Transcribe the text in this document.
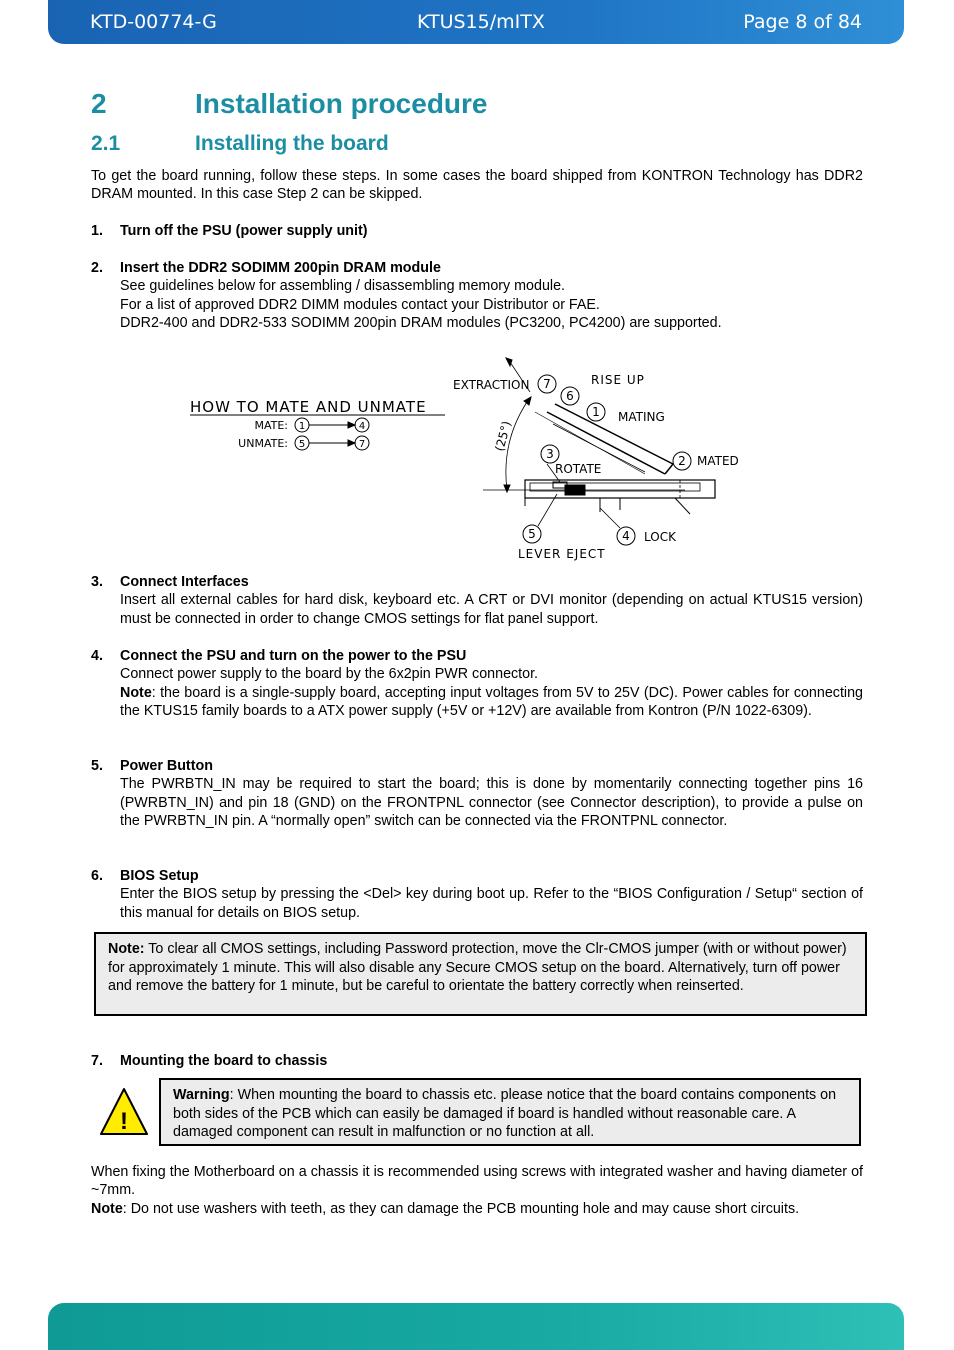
KTD-00774-G	KTUS15/mITX	Page 8 of 84
2	Installation procedure
2.1	Installing the board
To get the board running, follow these steps. In some cases the board shipped from KONTRON Technology has DDR2 DRAM mounted. In this case Step 2 can be skipped.
1. Turn off the PSU (power supply unit)
2. Insert the DDR2 SODIMM 200pin DRAM module
See guidelines below for assembling / disassembling memory module.
For a list of approved DDR2 DIMM modules contact your Distributor or FAE.
DDR2-400 and DDR2-533 SODIMM 200pin DRAM modules (PC3200, PC4200) are supported.
HOW TO MATE AND UNMATE
MATE: 1	4
UNMATE: 5	7	(25°)
EXTRACTION 7
6
RISE UP
1 MATING
2 MATED
3
ROTATE
4 LOCK
5
LEVER EJECT
3. Connect Interfaces
Insert all external cables for hard disk, keyboard etc. A CRT or DVI monitor (depending on actual KTUS15 version) must be connected in order to change CMOS settings for flat panel support.
4. Connect the PSU and turn on the power to the PSU
Connect power supply to the board by the 6x2pin PWR connector.
Note: the board is a single-supply board, accepting input voltages from 5V to 25V (DC). Power cables for connecting the KTUS15 family boards to a ATX power supply (+5V or +12V) are available from Kontron (P/N 1022-6309).
5. Power Button
The PWRBTN_IN may be required to start the board; this is done by momentarily connecting together pins 16 (PWRBTN_IN) and pin 18 (GND) on the FRONTPNL connector (see Connector description), to provide a pulse on the PWRBTN_IN pin. A “normally open” switch can be connected via the FRONTPNL connector.
6. BIOS Setup
Enter the BIOS setup by pressing the <Del> key during boot up. Refer to the “BIOS Configuration / Setup“ section of this manual for details on BIOS setup.
Note: To clear all CMOS settings, including Password protection, move the Clr-CMOS jumper (with or without power) for approximately 1 minute. This will also disable any Secure CMOS setup on the board. Alternatively, turn off power and remove the battery for 1 minute, but be careful to orientate the battery correctly when reinserted.
7. Mounting the board to chassis
!
Warning: When mounting the board to chassis etc. please notice that the board contains components on both sides of the PCB which can easily be damaged if board is handled without reasonable care. A damaged component can result in malfunction or no function at all.
When fixing the Motherboard on a chassis it is recommended using screws with integrated washer and having diameter of ~7mm.
Note: Do not use washers with teeth, as they can damage the PCB mounting hole and may cause short circuits.
